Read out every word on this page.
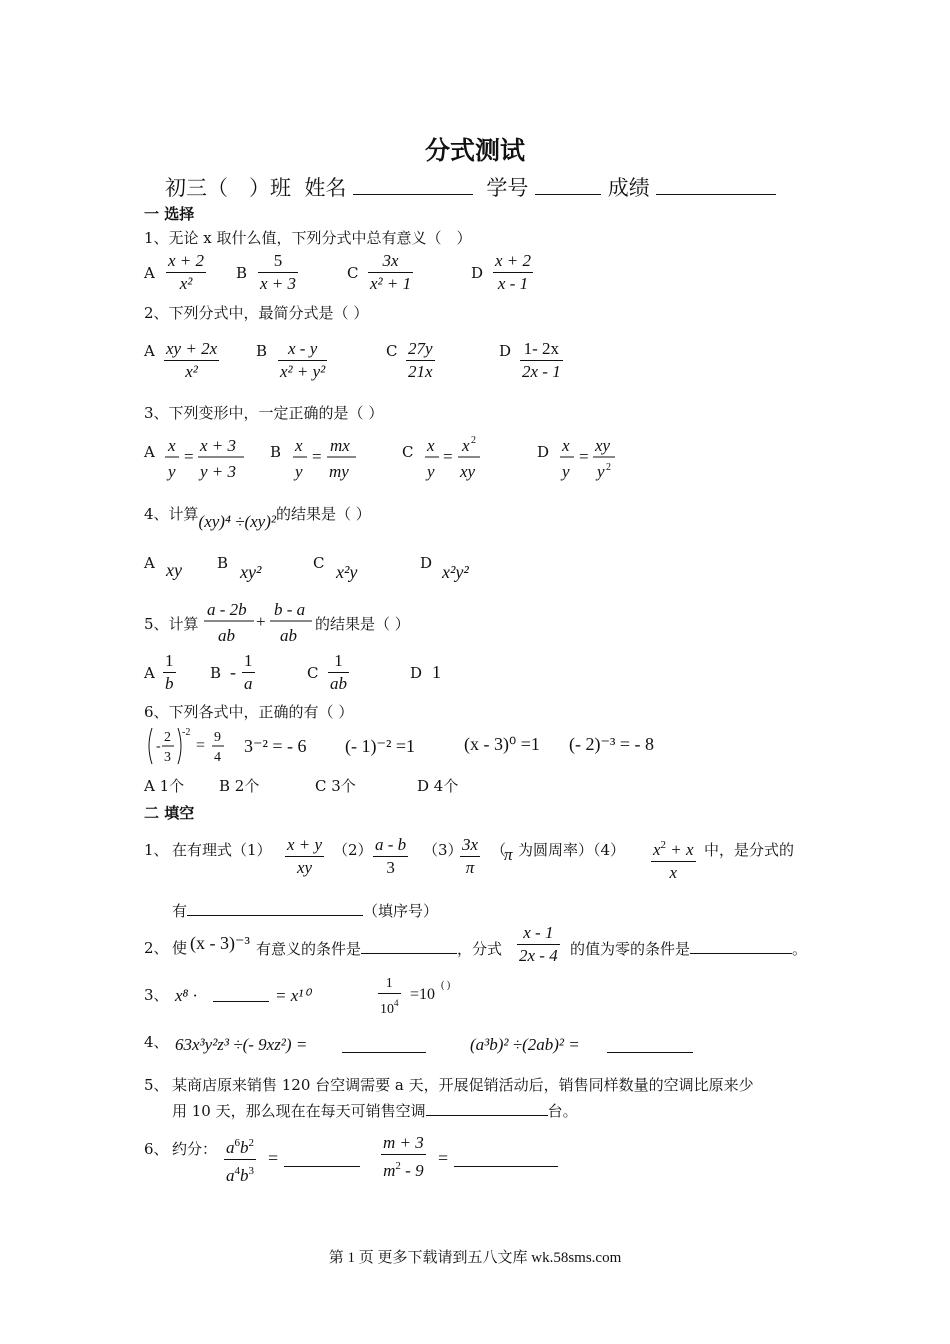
分式测试
初三（　）班 姓名	学号	成绩
一 选择
1、无论 x 取什么值，下列分式中总有意义（　）
A
x + 2
x²
B
5
x + 3
C
3x
x² + 1
D
x + 2
x - 1
2、下列分式中，最简分式是（ ）
A xy + 2x
x²
B x - y
x² + y²
C 27y
21x
D 1- 2x
2x - 1
3、下列变形中，一定正确的是（ ）
A x
y
=
x + 3
y + 3
B x
y
=
mx
my
C x
y
=
x 2
xy
D x
y
=
xy
y 2
4、计算(xy)⁴ ÷(xy)²的结果是（ ）
A xy B xy²	C x²y	D x²y²
5、计算
a - 2b
ab
+
b - a
ab
的结果是（ ）
A
1
b
B -
1
a
C
1
ab
D 1
6、下列各式中，正确的有（ ）
-
2
3
-2
= 9
4
3⁻² = - 6 (- 1)⁻² =1	(x - 3)⁰ =1 (- 2)⁻³ = - 8
A 1个 B 2个	C 3个	D 4个
二 填空
1、 在有理式（1） x + y
xy
（2） a - b
3
（3） 3x
π
（
π 为圆周率）（4） $x^2 + x$
x
中，是分式的
有	（填序号）
2、 使 (x - 3)⁻³ 有意义的条件是	，分式
x - 1
2x - 4 的值为零的条件是	。
3、 x⁸ ·	= x¹⁰
1
$10^4 =10$
( )
4、 63x³y²z³ ÷(- 9xz²) =	(a³b)² ÷(2ab)² =
5、 某商店原来销售 120 台空调需要 a 天，开展促销活动后，销售同样数量的空调比原来少
用 10 天，那么现在在每天可销售空调	台。
6、 约分： $a^6b^2$
$a^4b^3$
=
m + 3
$m^2 - 9$
=
第 1 页 更多下载请到五八文库 wk.58sms.com
